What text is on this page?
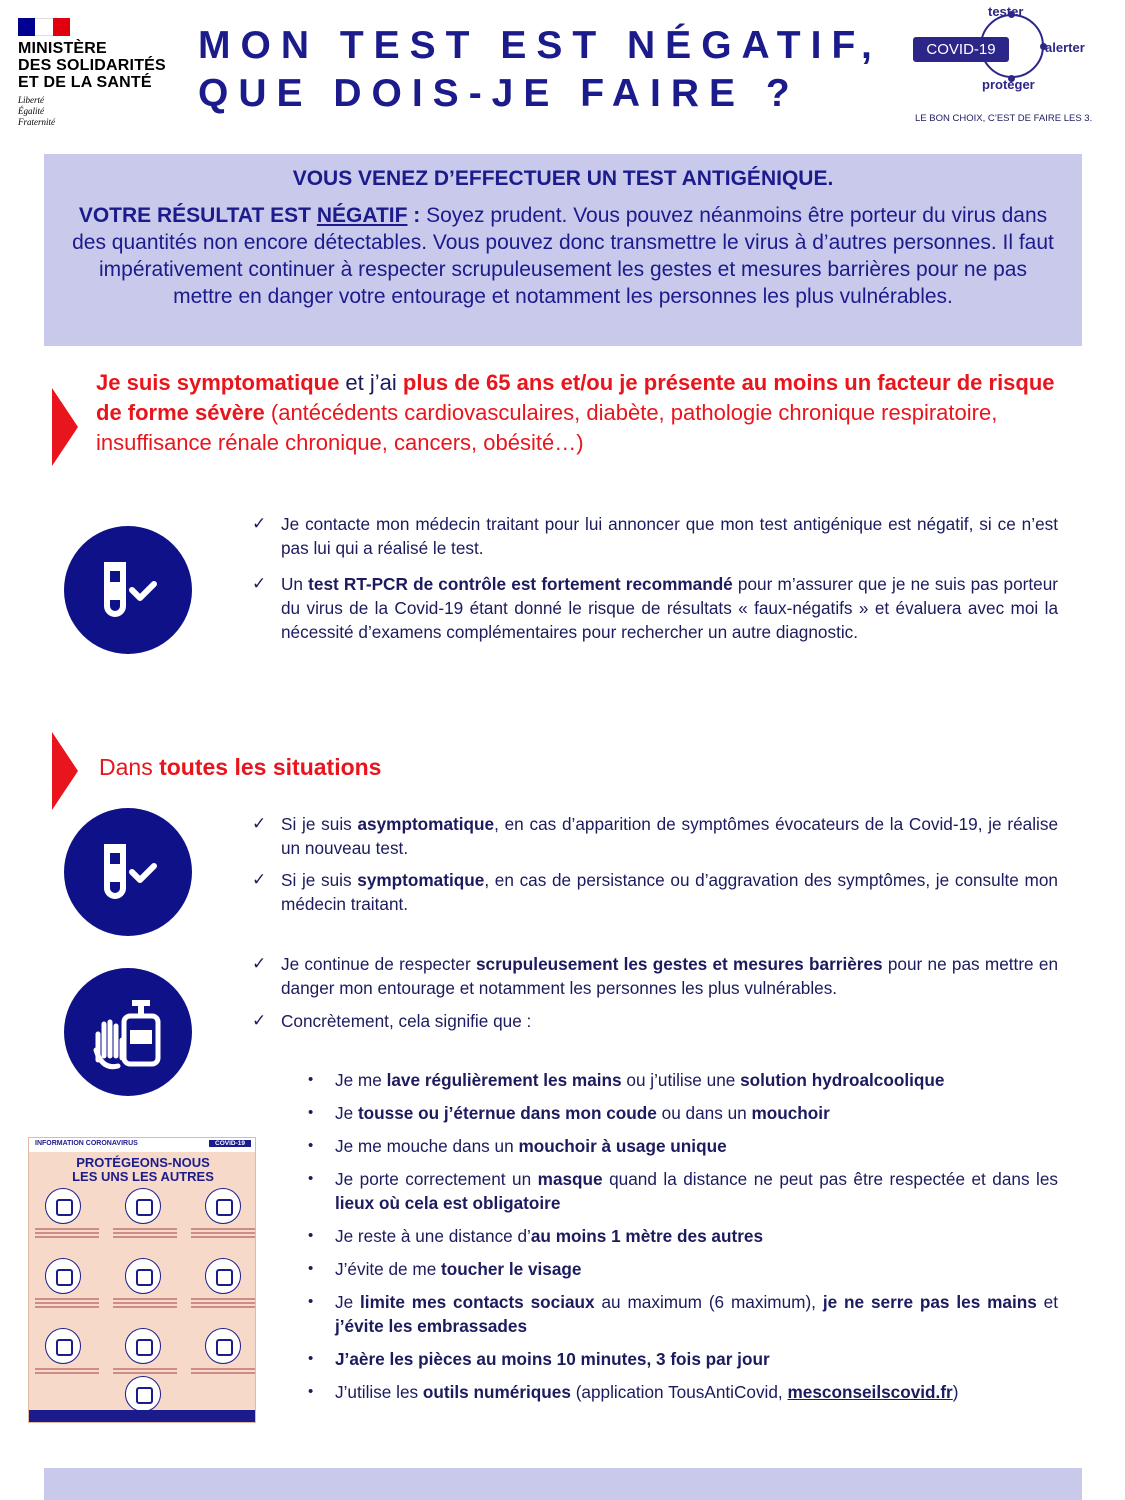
MINISTÈRE
DES SOLIDARITÉS
ET DE LA SANTÉ
Liberté
Égalité
Fraternité
MON TEST EST NÉGATIF,
QUE DOIS-JE FAIRE ?
COVID-19
tester
alerter
protéger
LE BON CHOIX, C’EST DE FAIRE LES 3.
VOUS VENEZ D’EFFECTUER UN TEST ANTIGÉNIQUE.
VOTRE RÉSULTAT EST NÉGATIF : Soyez prudent. Vous pouvez néanmoins être porteur du virus dans des quantités non encore détectables. Vous pouvez donc transmettre le virus à d’autres personnes. Il faut impérativement continuer à respecter scrupuleusement les gestes et mesures barrières pour ne pas mettre en danger votre entourage et notamment les personnes les plus vulnérables.
Je suis symptomatique et j’ai plus de 65 ans et/ou je présente au moins un facteur de risque de forme sévère (antécédents cardiovasculaires, diabète, pathologie chronique respiratoire, insuffisance rénale chronique, cancers, obésité…)
✓ Je contacte mon médecin traitant pour lui annoncer que mon test antigénique est négatif, si ce n’est pas lui qui a réalisé le test.
✓ Un test RT-PCR de contrôle est fortement recommandé pour m’assurer que je ne suis pas porteur du virus de la Covid-19 étant donné le risque de résultats « faux-négatifs » et évaluera avec moi la nécessité d’examens complémentaires pour rechercher un autre diagnostic.
Dans toutes les situations
✓ Si je suis asymptomatique, en cas d’apparition de symptômes évocateurs de la Covid-19, je réalise un nouveau test.
✓ Si je suis symptomatique, en cas de persistance ou d’aggravation des symptômes, je consulte mon médecin traitant.
✓ Je continue de respecter scrupuleusement les gestes et mesures barrières pour ne pas mettre en danger mon entourage et notamment les personnes les plus vulnérables.
✓ Concrètement, cela signifie que :
• Je me lave régulièrement les mains ou j’utilise une solution hydroalcoolique
• Je tousse ou j’éternue dans mon coude ou dans un mouchoir
• Je me mouche dans un mouchoir à usage unique
• Je porte correctement un masque quand la distance ne peut pas être respectée et dans les lieux où cela est obligatoire
• Je reste à une distance d’au moins 1 mètre des autres
• J’évite de me toucher le visage
• Je limite mes contacts sociaux au maximum (6 maximum), je ne serre pas les mains et j’évite les embrassades
• J’aère les pièces au moins 10 minutes, 3 fois par jour
• J’utilise les outils numériques (application TousAntiCovid, mesconseilscovid.fr)
INFORMATION CORONAVIRUS	COVID-19
PROTÉGEONS-NOUS
LES UNS LES AUTRES
